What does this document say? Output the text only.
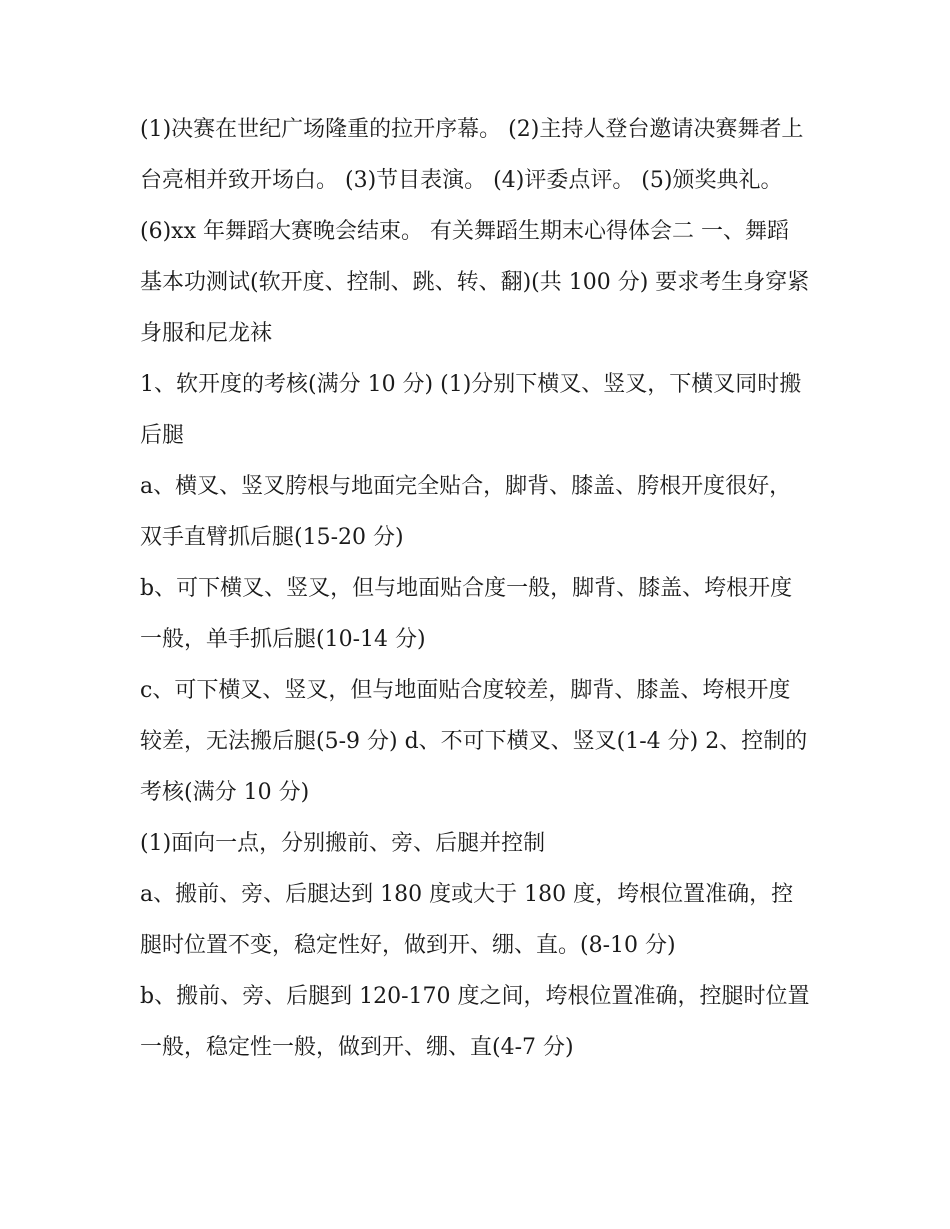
(1)决赛在世纪广场隆重的拉开序幕。 (2)主持人登台邀请决赛舞者上台亮相并致开场白。 (3)节目表演。 (4)评委点评。 (5)颁奖典礼。

(6)xx 年舞蹈大赛晚会结束。 有关舞蹈生期末心得体会二 一、舞蹈基本功测试(软开度、控制、跳、转、翻)(共 100 分) 要求考生身穿紧身服和尼龙袜

1、软开度的考核(满分 10 分) (1)分别下横叉、竖叉，下横叉同时搬后腿

a、横叉、竖叉胯根与地面完全贴合，脚背、膝盖、胯根开度很好，双手直臂抓后腿(15-20 分)

b、可下横叉、竖叉，但与地面贴合度一般，脚背、膝盖、垮根开度一般，单手抓后腿(10-14 分)

c、可下横叉、竖叉，但与地面贴合度较差，脚背、膝盖、垮根开度较差，无法搬后腿(5-9 分) d、不可下横叉、竖叉(1-4 分) 2、控制的考核(满分 10 分)

(1)面向一点，分别搬前、旁、后腿并控制

a、搬前、旁、后腿达到 180 度或大于 180 度，垮根位置准确，控腿时位置不变，稳定性好，做到开、绷、直。(8-10 分)

b、搬前、旁、后腿到 120-170 度之间，垮根位置准确，控腿时位置一般，稳定性一般，做到开、绷、直(4-7 分)
